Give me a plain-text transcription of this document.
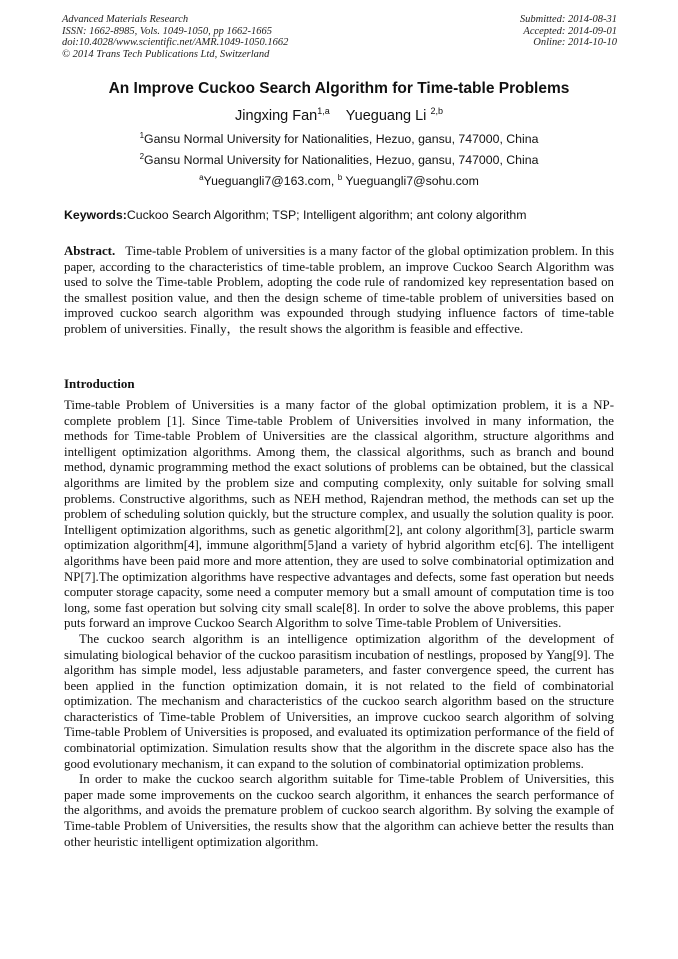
Advanced Materials Research
ISSN: 1662-8985, Vols. 1049-1050, pp 1662-1665
doi:10.4028/www.scientific.net/AMR.1049-1050.1662
© 2014 Trans Tech Publications Ltd, Switzerland
Submitted: 2014-08-31
Accepted: 2014-09-01
Online: 2014-10-10
An Improve Cuckoo Search Algorithm for Time-table Problems
Jingxing Fan$^{1,a}$ Yueguang Li $^{2,b}$
$^1$Gansu Normal University for Nationalities, Hezuo, gansu, 747000, China
$^2$Gansu Normal University for Nationalities, Hezuo, gansu, 747000, China
$^a$Yueguangli7@163.com, $^b$ Yueguangli7@sohu.com
Keywords:Cuckoo Search Algorithm; TSP; Intelligent algorithm; ant colony algorithm
Abstract. Time-table Problem of universities is a many factor of the global optimization problem. In this paper, according to the characteristics of time-table problem, an improve Cuckoo Search Algorithm was used to solve the Time-table Problem, adopting the code rule of randomized key representation based on the smallest position value, and then the design scheme of time-table problem of universities based on improved cuckoo search algorithm was expounded through studying influence factors of time-table problem of universities. Finally，the result shows the algorithm is feasible and effective.
Introduction

Time-table Problem of Universities is a many factor of the global optimization problem, it is a NP-complete problem [1]. Since Time-table Problem of Universities involved in many information, the methods for Time-table Problem of Universities are the classical algorithm, structure algorithms and intelligent optimization algorithms. Among them, the classical algorithms, such as branch and bound method, dynamic programming method the exact solutions of problems can be obtained, but the classical algorithms are limited by the problem size and computing complexity, only suitable for solving small problems. Constructive algorithms, such as NEH method, Rajendran method, the methods can set up the problem of scheduling solution quickly, but the structure complex, and usually the solution quality is poor. Intelligent optimization algorithms, such as genetic algorithm[2], ant colony algorithm[3], particle swarm optimization algorithm[4], immune algorithm[5]and a variety of hybrid algorithm etc[6]. The intelligent algorithms have been paid more and more attention, they are used to solve combinatorial optimization and NP[7].The optimization algorithms have respective advantages and defects, some fast operation but needs computer storage capacity, some need a computer memory but a small amount of computation time is too long, some fast operation but solving city small scale[8]. In order to solve the above problems, this paper puts forward an improve Cuckoo Search Algorithm to solve Time-table Problem of Universities.

The cuckoo search algorithm is an intelligence optimization algorithm of the development of simulating biological behavior of the cuckoo parasitism incubation of nestlings, proposed by Yang[9]. The algorithm has simple model, less adjustable parameters, and faster convergence speed, the current has been applied in the function optimization domain, it is not related to the field of combinatorial optimization. The mechanism and characteristics of the cuckoo search algorithm based on the structure characteristics of Time-table Problem of Universities, an improve cuckoo search algorithm of solving Time-table Problem of Universities is proposed, and evaluated its optimization performance of the field of combinatorial optimization. Simulation results show that the algorithm in the discrete space also has the good evolutionary mechanism, it can expand to the solution of combinatorial optimization problems.

In order to make the cuckoo search algorithm suitable for Time-table Problem of Universities, this paper made some improvements on the cuckoo search algorithm, it enhances the search performance of the algorithms, and avoids the premature problem of cuckoo search algorithm. By solving the example of Time-table Problem of Universities, the results show that the algorithm can achieve better the results than other heuristic intelligent optimization algorithm.
